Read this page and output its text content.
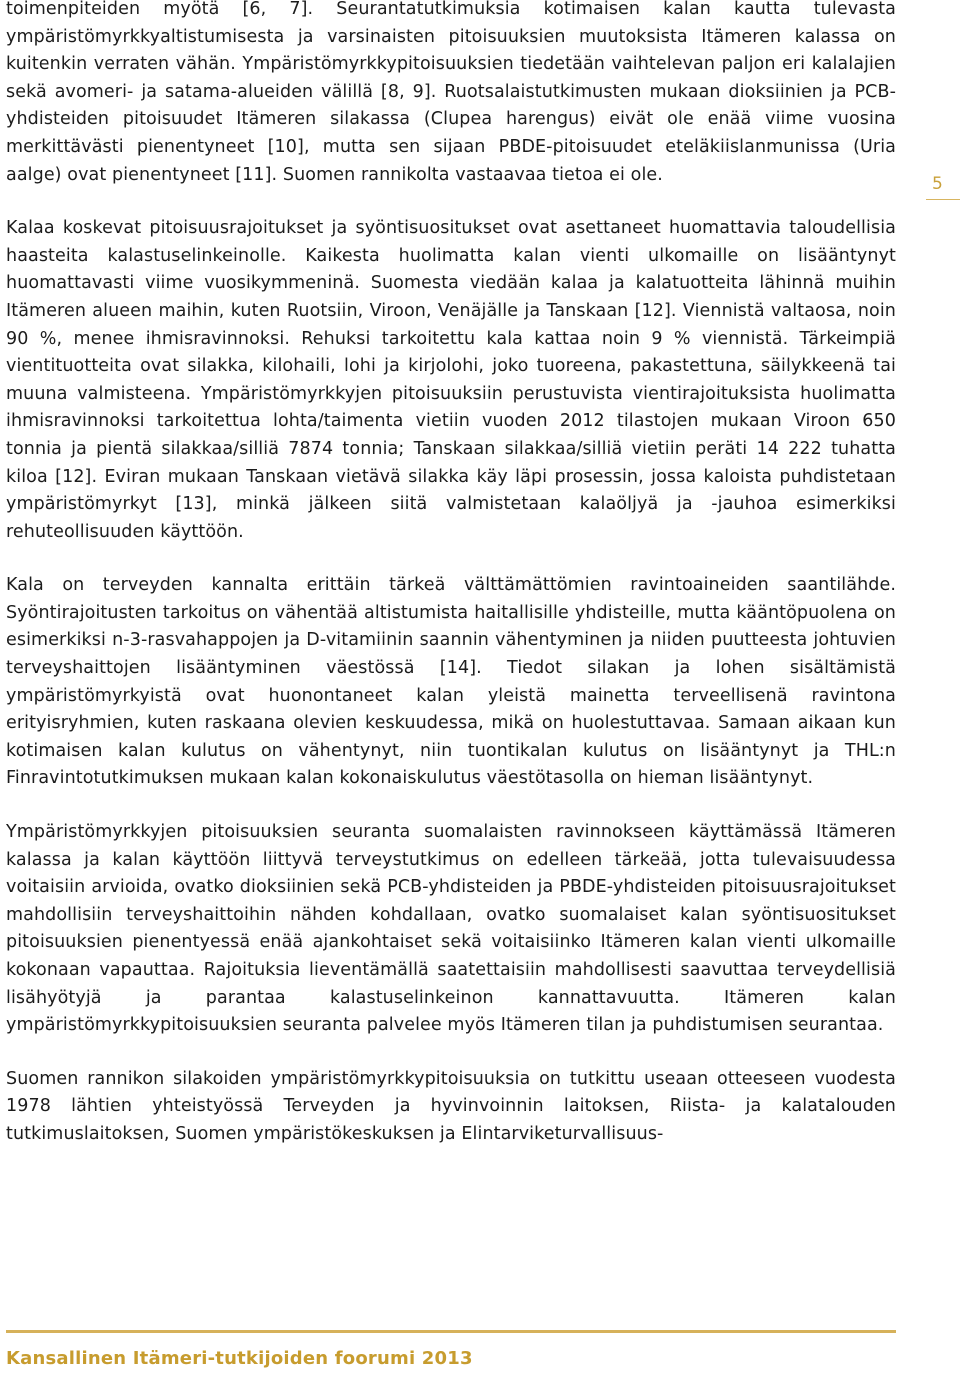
toimenpiteiden myötä [6, 7]. Seurantatutkimuksia kotimaisen kalan kautta tulevasta ympäristömyrkkyaltistumisesta ja varsinaisten pitoisuuksien muutoksista Itämeren kalassa on kuitenkin verraten vähän. Ympäristömyrkkypitoisuuksien tiedetään vaihtelevan paljon eri kalalajien sekä avomeri- ja satama-alueiden välillä [8, 9]. Ruotsalaistutkimusten mukaan dioksiinien ja PCB-yhdisteiden pitoisuudet Itämeren silakassa (Clupea harengus) eivät ole enää viime vuosina merkittävästi pienentyneet [10], mutta sen sijaan PBDE-pitoisuudet eteläkiislanmunissa (Uria aalge) ovat pienentyneet [11]. Suomen rannikolta vastaavaa tietoa ei ole.

Kalaa koskevat pitoisuusrajoitukset ja syöntisuositukset ovat asettaneet huomattavia taloudellisia haasteita kalastuselinkeinolle. Kaikesta huolimatta kalan vienti ulkomaille on lisääntynyt huomattavasti viime vuosikymmeninä. Suomesta viedään kalaa ja kalatuotteita lähinnä muihin Itämeren alueen maihin, kuten Ruotsiin, Viroon, Venäjälle ja Tanskaan [12]. Viennistä valtaosa, noin 90 %, menee ihmisravinnoksi. Rehuksi tarkoitettu kala kattaa noin 9 % viennistä. Tärkeimpiä vientituotteita ovat silakka, kilohaili, lohi ja kirjolohi, joko tuoreena, pakastettuna, säilykkeenä tai muuna valmisteena. Ympäristömyrkkyjen pitoisuuksiin perustuvista vientirajoituksista huolimatta ihmisravinnoksi tarkoitettua lohta/taimenta vietiin vuoden 2012 tilastojen mukaan Viroon 650 tonnia ja pientä silakkaa/silliä 7874 tonnia; Tanskaan silakkaa/silliä vietiin peräti 14 222 tuhatta kiloa [12]. Eviran mukaan Tanskaan vietävä silakka käy läpi prosessin, jossa kaloista puhdistetaan ympäristömyrkyt [13], minkä jälkeen siitä valmistetaan kalaöljyä ja -jauhoa esimerkiksi rehuteollisuuden käyttöön.

Kala on terveyden kannalta erittäin tärkeä välttämättömien ravintoaineiden saantilähde. Syöntirajoitusten tarkoitus on vähentää altistumista haitallisille yhdisteille, mutta kääntöpuolena on esimerkiksi n-3-rasvahappojen ja D-vitamiinin saannin vähentyminen ja niiden puutteesta johtuvien terveyshaittojen lisääntyminen väestössä [14]. Tiedot silakan ja lohen sisältämistä ympäristömyrkyistä ovat huonontaneet kalan yleistä mainetta terveellisenä ravintona erityisryhmien, kuten raskaana olevien keskuudessa, mikä on huolestuttavaa. Samaan aikaan kun kotimaisen kalan kulutus on vähentynyt, niin tuontikalan kulutus on lisääntynyt ja THL:n Finravintotutkimuksen mukaan kalan kokonaiskulutus väestötasolla on hieman lisääntynyt.

Ympäristömyrkkyjen pitoisuuksien seuranta suomalaisten ravinnokseen käyttämässä Itämeren kalassa ja kalan käyttöön liittyvä terveystutkimus on edelleen tärkeää, jotta tulevaisuudessa voitaisiin arvioida, ovatko dioksiinien sekä PCB-yhdisteiden ja PBDE-yhdisteiden pitoisuusrajoitukset mahdollisiin terveyshaittoihin nähden kohdallaan, ovatko suomalaiset kalan syöntisuositukset pitoisuuksien pienentyessä enää ajankohtaiset sekä voitaisiinko Itämeren kalan vienti ulkomaille kokonaan vapauttaa. Rajoituksia lieventämällä saatettaisiin mahdollisesti saavuttaa terveydellisiä lisähyötyjä ja parantaa kalastuselinkeinon kannattavuutta. Itämeren kalan ympäristömyrkkypitoisuuksien seuranta palvelee myös Itämeren tilan ja puhdistumisen seurantaa.

Suomen rannikon silakoiden ympäristömyrkkypitoisuuksia on tutkittu useaan otteeseen vuodesta 1978 lähtien yhteistyössä Terveyden ja hyvinvoinnin laitoksen, Riista- ja kalatalouden tutkimuslaitoksen, Suomen ympäristökeskuksen ja Elintarviketurvallisuus-

5
Kansallinen Itämeri-tutkijoiden foorumi 2013
